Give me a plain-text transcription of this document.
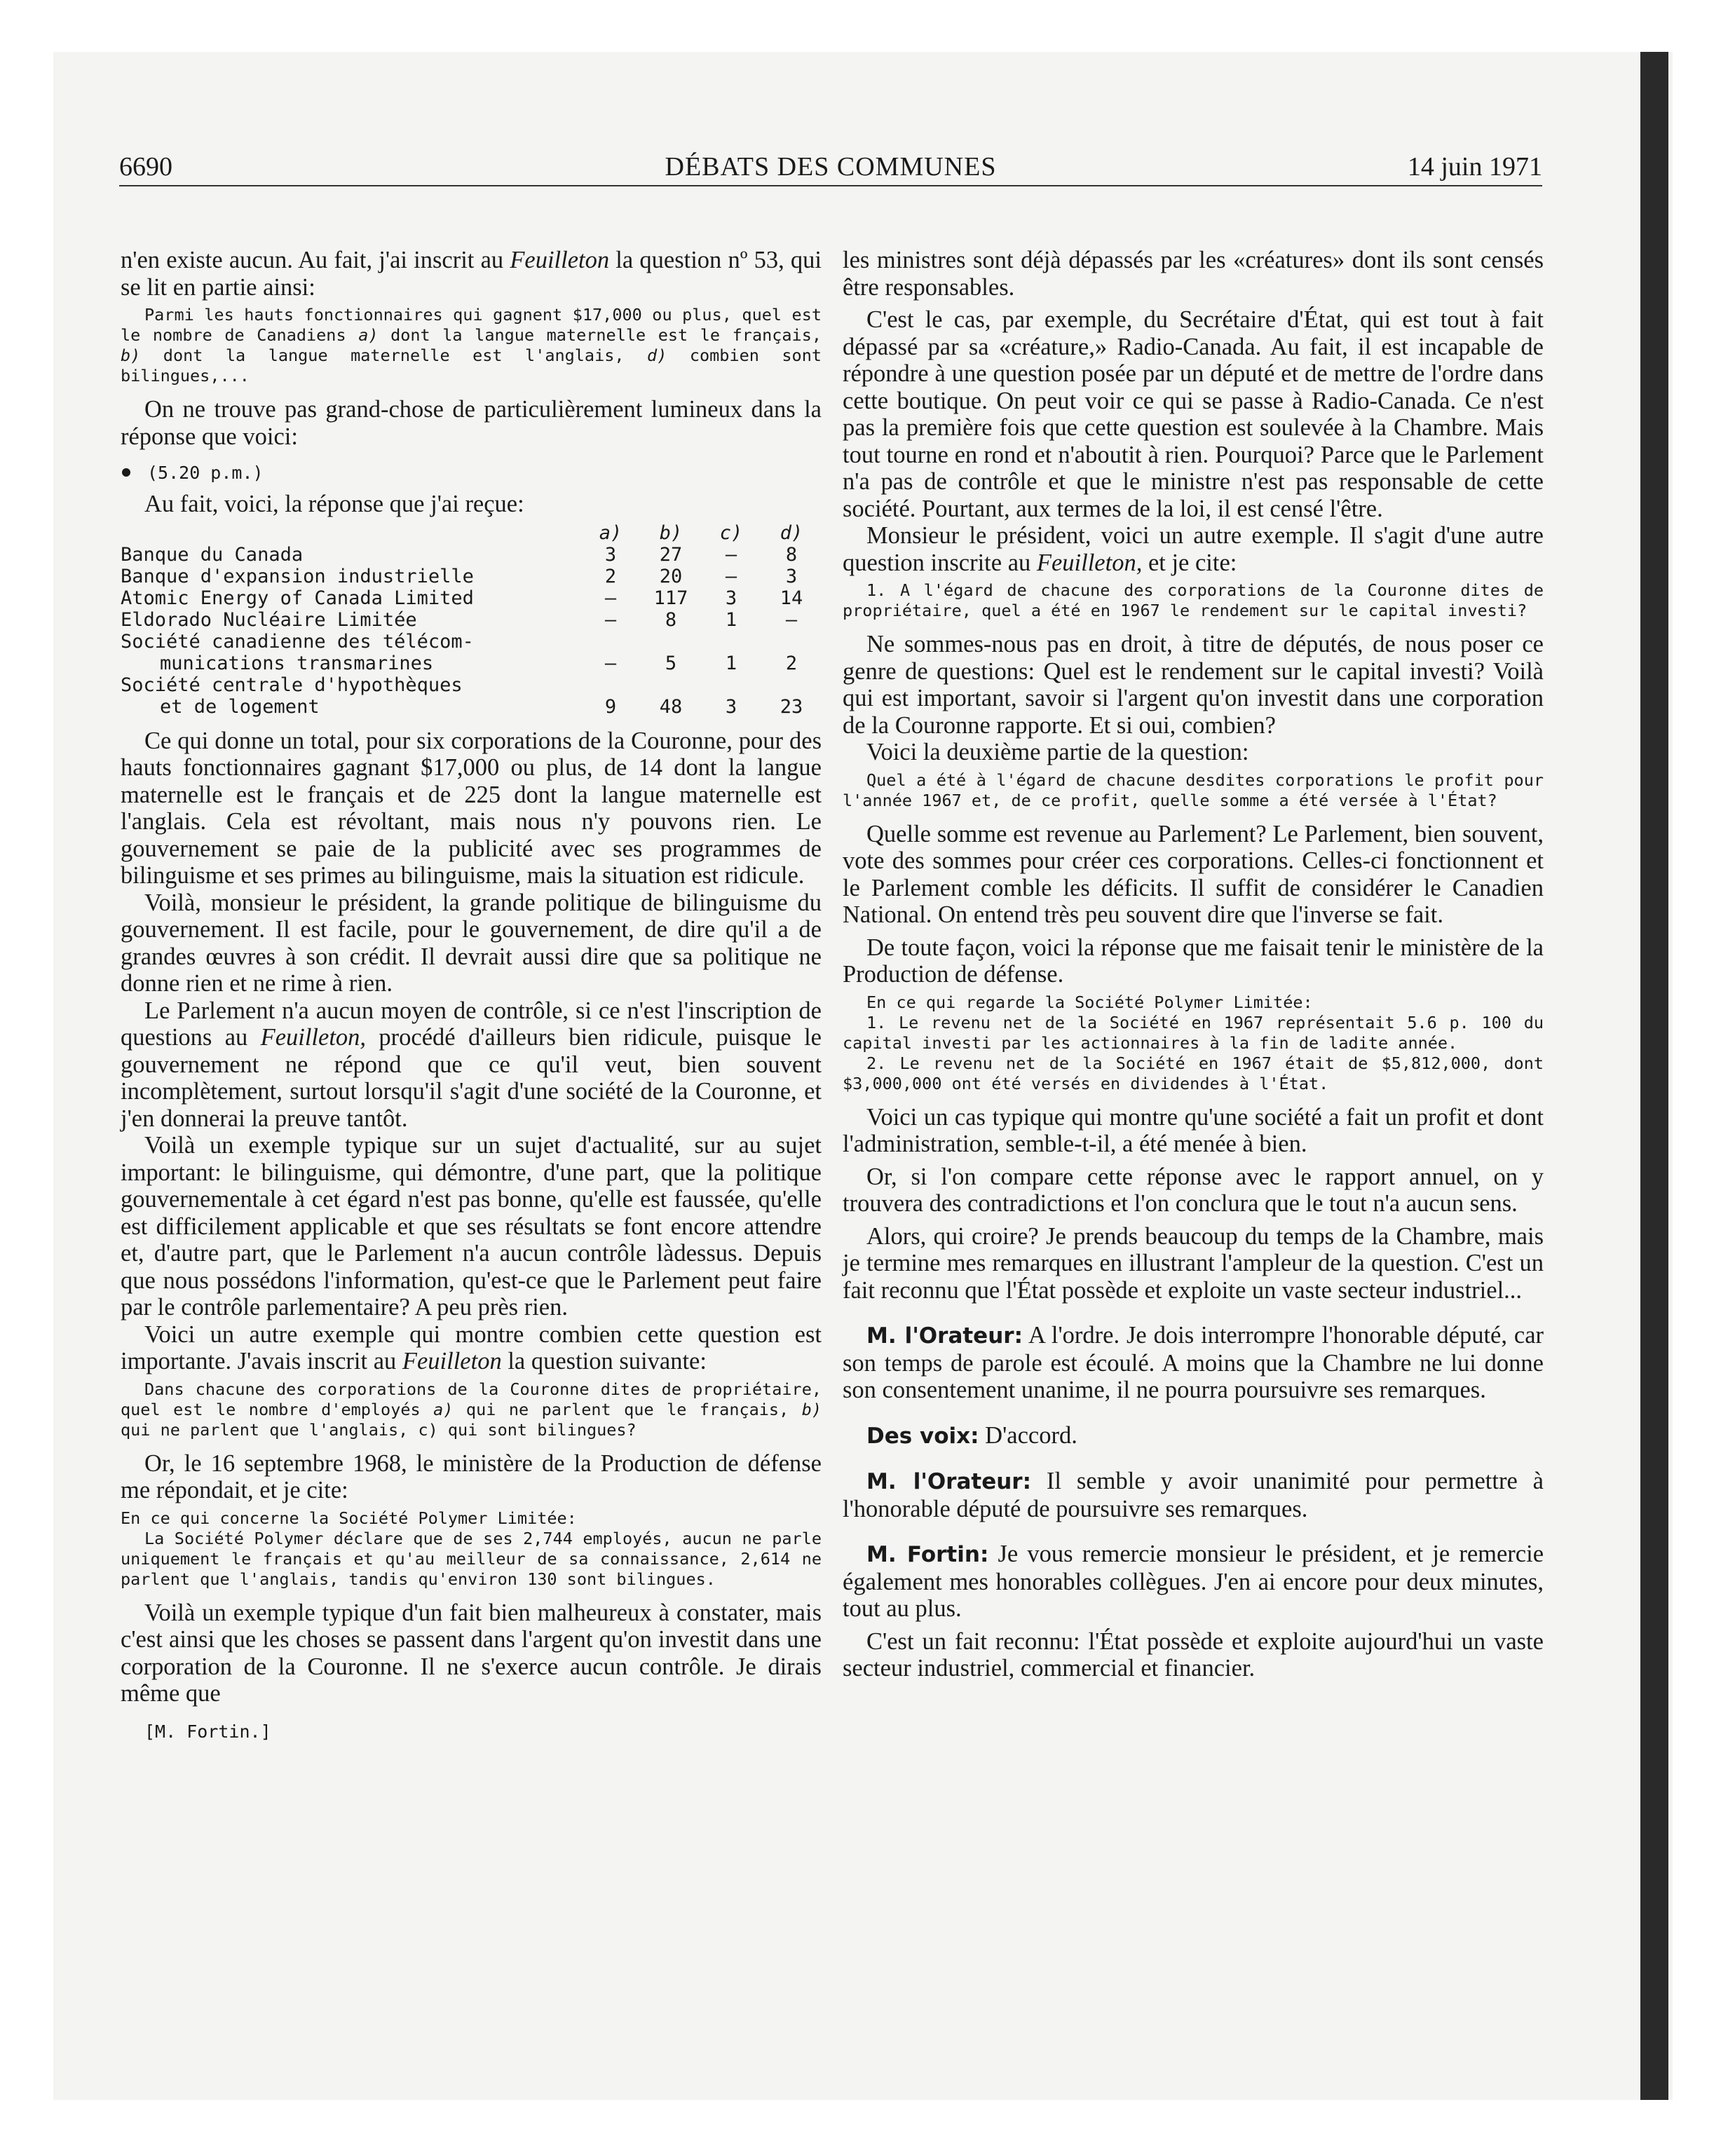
6690	DÉBATS DES COMMUNES	14 juin 1971

n'en existe aucun. Au fait, j'ai inscrit au Feuilleton la question nº 53, qui se lit en partie ainsi:

Parmi les hauts fonctionnaires qui gagnent $17,000 ou plus, quel est le nombre de Canadiens a) dont la langue maternelle est le français, b) dont la langue maternelle est l'anglais, d) combien sont bilingues,...

On ne trouve pas grand-chose de particulièrement lumineux dans la réponse que voici:

(5.20 p.m.)

Au fait, voici, la réponse que j'ai reçue:

	a)	b)	c)	d)
Banque du Canada	3	27	—	8
Banque d'expansion industrielle	2	20	—	3
Atomic Energy of Canada Limited	—	117	3	14
Eldorado Nucléaire Limitée	—	8	1	—
Société canadienne des télécom-				
munications transmarines	—	5	1	2
Société centrale d'hypothèques				
et de logement	9	48	3	23

Ce qui donne un total, pour six corporations de la Couronne, pour des hauts fonctionnaires gagnant $17,000 ou plus, de 14 dont la langue maternelle est le français et de 225 dont la langue maternelle est l'anglais. Cela est révoltant, mais nous n'y pouvons rien. Le gouvernement se paie de la publicité avec ses programmes de bilinguisme et ses primes au bilinguisme, mais la situation est ridicule.

Voilà, monsieur le président, la grande politique de bilinguisme du gouvernement. Il est facile, pour le gouvernement, de dire qu'il a de grandes œuvres à son crédit. Il devrait aussi dire que sa politique ne donne rien et ne rime à rien.

Le Parlement n'a aucun moyen de contrôle, si ce n'est l'inscription de questions au Feuilleton, procédé d'ailleurs bien ridicule, puisque le gouvernement ne répond que ce qu'il veut, bien souvent incomplètement, surtout lorsqu'il s'agit d'une société de la Couronne, et j'en donnerai la preuve tantôt.

Voilà un exemple typique sur un sujet d'actualité, sur au sujet important: le bilinguisme, qui démontre, d'une part, que la politique gouvernementale à cet égard n'est pas bonne, qu'elle est faussée, qu'elle est difficilement applicable et que ses résultats se font encore attendre et, d'autre part, que le Parlement n'a aucun contrôle làdessus. Depuis que nous possédons l'information, qu'est-ce que le Parlement peut faire par le contrôle parlementaire? A peu près rien.

Voici un autre exemple qui montre combien cette question est importante. J'avais inscrit au Feuilleton la question suivante:

Dans chacune des corporations de la Couronne dites de propriétaire, quel est le nombre d'employés a) qui ne parlent que le français, b) qui ne parlent que l'anglais, c) qui sont bilingues?

Or, le 16 septembre 1968, le ministère de la Production de défense me répondait, et je cite:

En ce qui concerne la Société Polymer Limitée:

La Société Polymer déclare que de ses 2,744 employés, aucun ne parle uniquement le français et qu'au meilleur de sa connaissance, 2,614 ne parlent que l'anglais, tandis qu'environ 130 sont bilingues.

Voilà un exemple typique d'un fait bien malheureux à constater, mais c'est ainsi que les choses se passent dans l'argent qu'on investit dans une corporation de la Couronne. Il ne s'exerce aucun contrôle. Je dirais même que

[M. Fortin.]

les ministres sont déjà dépassés par les «créatures» dont ils sont censés être responsables.

C'est le cas, par exemple, du Secrétaire d'État, qui est tout à fait dépassé par sa «créature,» Radio-Canada. Au fait, il est incapable de répondre à une question posée par un député et de mettre de l'ordre dans cette boutique. On peut voir ce qui se passe à Radio-Canada. Ce n'est pas la première fois que cette question est soulevée à la Chambre. Mais tout tourne en rond et n'aboutit à rien. Pourquoi? Parce que le Parlement n'a pas de contrôle et que le ministre n'est pas responsable de cette société. Pourtant, aux termes de la loi, il est censé l'être.

Monsieur le président, voici un autre exemple. Il s'agit d'une autre question inscrite au Feuilleton, et je cite:

1. A l'égard de chacune des corporations de la Couronne dites de propriétaire, quel a été en 1967 le rendement sur le capital investi?

Ne sommes-nous pas en droit, à titre de députés, de nous poser ce genre de questions: Quel est le rendement sur le capital investi? Voilà qui est important, savoir si l'argent qu'on investit dans une corporation de la Couronne rapporte. Et si oui, combien?

Voici la deuxième partie de la question:

Quel a été à l'égard de chacune desdites corporations le profit pour l'année 1967 et, de ce profit, quelle somme a été versée à l'État?

Quelle somme est revenue au Parlement? Le Parlement, bien souvent, vote des sommes pour créer ces corporations. Celles-ci fonctionnent et le Parlement comble les déficits. Il suffit de considérer le Canadien National. On entend très peu souvent dire que l'inverse se fait.

De toute façon, voici la réponse que me faisait tenir le ministère de la Production de défense.

En ce qui regarde la Société Polymer Limitée:

1. Le revenu net de la Société en 1967 représentait 5.6 p. 100 du capital investi par les actionnaires à la fin de ladite année.

2. Le revenu net de la Société en 1967 était de $5,812,000, dont $3,000,000 ont été versés en dividendes à l'État.

Voici un cas typique qui montre qu'une société a fait un profit et dont l'administration, semble-t-il, a été menée à bien.

Or, si l'on compare cette réponse avec le rapport annuel, on y trouvera des contradictions et l'on conclura que le tout n'a aucun sens.

Alors, qui croire? Je prends beaucoup du temps de la Chambre, mais je termine mes remarques en illustrant l'ampleur de la question. C'est un fait reconnu que l'État possède et exploite un vaste secteur industriel...

M. l'Orateur: A l'ordre. Je dois interrompre l'honorable député, car son temps de parole est écoulé. A moins que la Chambre ne lui donne son consentement unanime, il ne pourra poursuivre ses remarques.

Des voix: D'accord.

M. l'Orateur: Il semble y avoir unanimité pour permettre à l'honorable député de poursuivre ses remarques.

M. Fortin: Je vous remercie monsieur le président, et je remercie également mes honorables collègues. J'en ai encore pour deux minutes, tout au plus.

C'est un fait reconnu: l'État possède et exploite aujourd'hui un vaste secteur industriel, commercial et financier.
